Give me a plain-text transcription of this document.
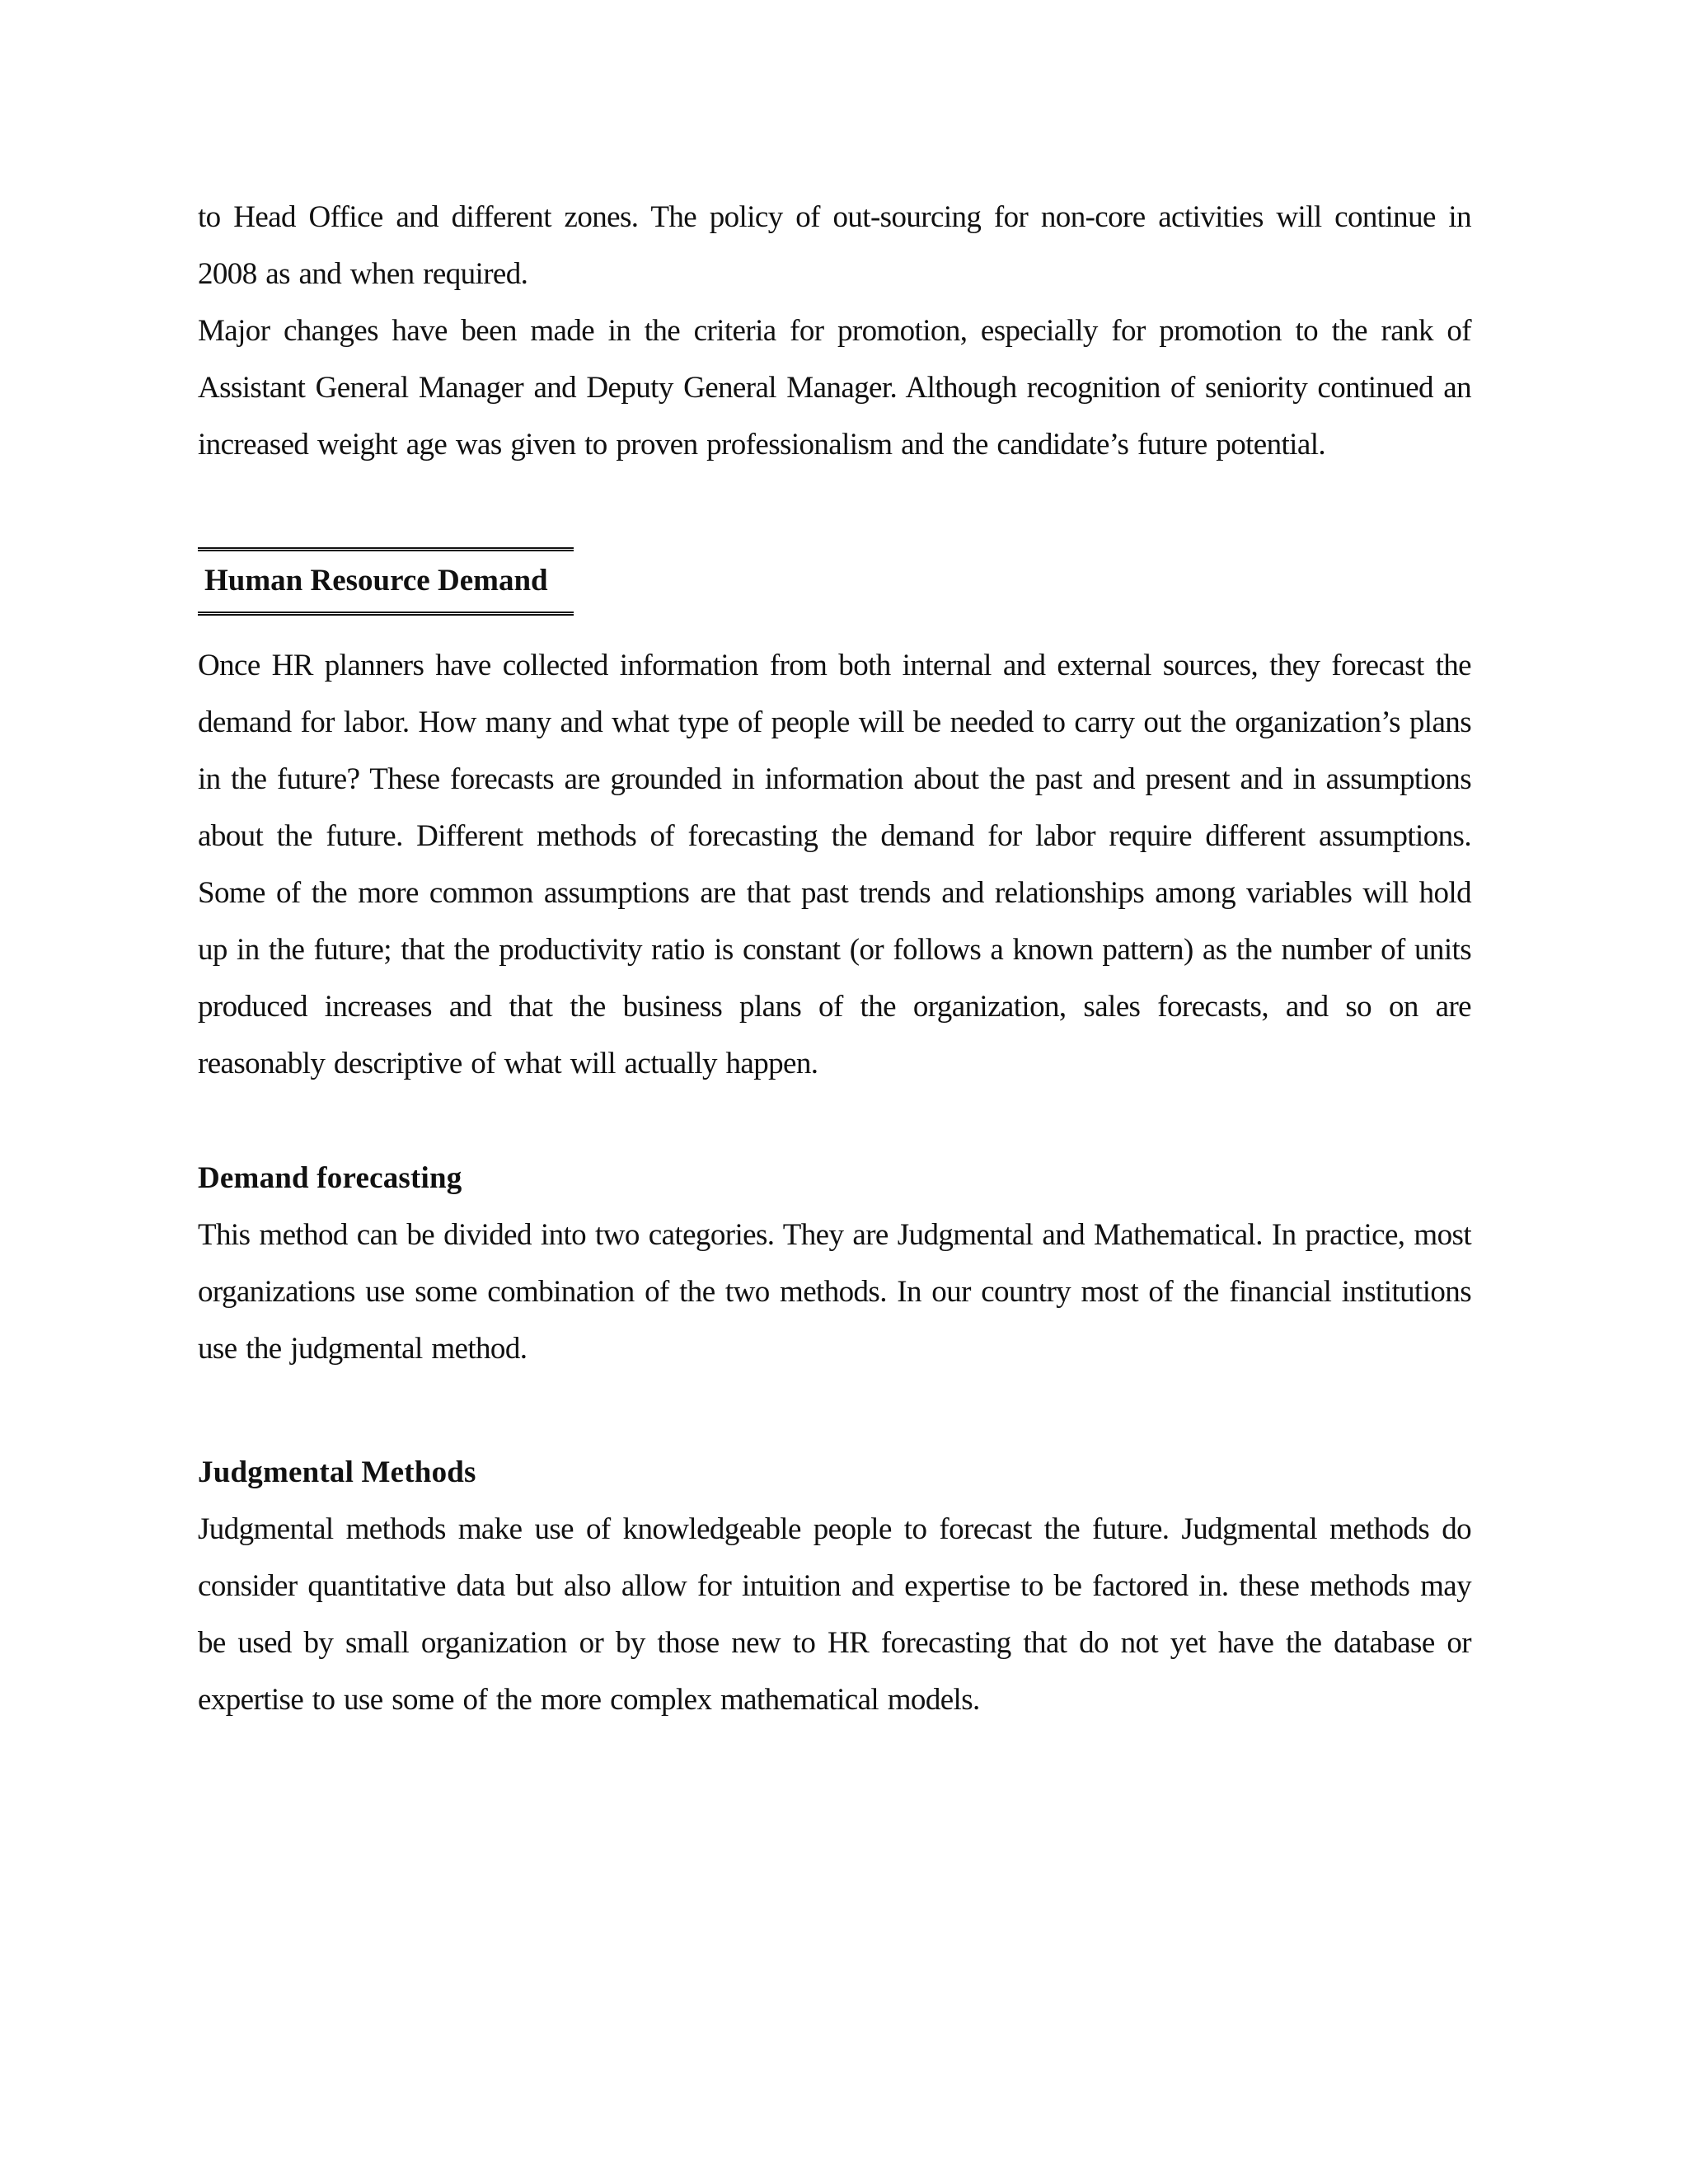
to Head Office and different zones. The policy of out-sourcing for non-core activities will continue in 2008 as and when required.

Major changes have been made in the criteria for promotion, especially for promotion to the rank of Assistant General Manager and Deputy General Manager. Although recognition of seniority continued an increased weight age was given to proven professionalism and the candidate’s future potential.

Human Resource Demand

Once HR planners have collected information from both internal and external sources, they forecast the demand for labor. How many and what type of people will be needed to carry out the organization’s plans in the future? These forecasts are grounded in information about the past and present and in assumptions about the future. Different methods of forecasting the demand for labor require different assumptions. Some of the more common assumptions are that past trends and relationships among variables will hold up in the future; that the productivity ratio is constant (or follows a known pattern) as the number of units produced increases and that the business plans of the organization, sales forecasts, and so on are reasonably descriptive of what will actually happen.

Demand forecasting

This method can be divided into two categories. They are Judgmental and Mathematical. In practice, most organizations use some combination of the two methods. In our country most of the financial institutions use the judgmental method.

Judgmental Methods

Judgmental methods make use of knowledgeable people to forecast the future. Judgmental methods do consider quantitative data but also allow for intuition and expertise to be factored in. these methods may be used by small organization or by those new to HR forecasting that do not yet have the database or expertise to use some of the more complex mathematical models.
